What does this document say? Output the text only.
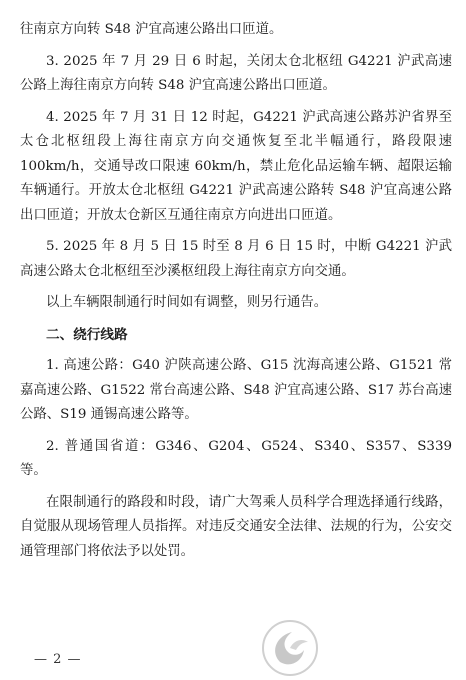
往南京方向转 S48 沪宜高速公路出口匝道。

3. 2025 年 7 月 29 日 6 时起，关闭太仓北枢纽 G4221 沪武高速公路上海往南京方向转 S48 沪宜高速公路出口匝道。

4. 2025 年 7 月 31 日 12 时起，G4221 沪武高速公路苏沪省界至太仓北枢纽段上海往南京方向交通恢复至北半幅通行，路段限速 100km/h，交通导改口限速 60km/h，禁止危化品运输车辆、超限运输车辆通行。开放太仓北枢纽 G4221 沪武高速公路转 S48 沪宜高速公路出口匝道；开放太仓新区互通往南京方向进出口匝道。

5. 2025 年 8 月 5 日 15 时至 8 月 6 日 15 时，中断 G4221 沪武高速公路太仓北枢纽至沙溪枢纽段上海往南京方向交通。

以上车辆限制通行时间如有调整，则另行通告。

二、绕行线路

1. 高速公路：G40 沪陕高速公路、G15 沈海高速公路、G1521 常嘉高速公路、G1522 常台高速公路、S48 沪宜高速公路、S17 苏台高速公路、S19 通锡高速公路等。

2. 普通国省道：G346、G204、G524、S340、S357、S339 等。

在限制通行的路段和时段，请广大驾乘人员科学合理选择通行线路，自觉服从现场管理人员指挥。对违反交通安全法律、法规的行为，公安交通管理部门将依法予以处罚。

— 2 —
